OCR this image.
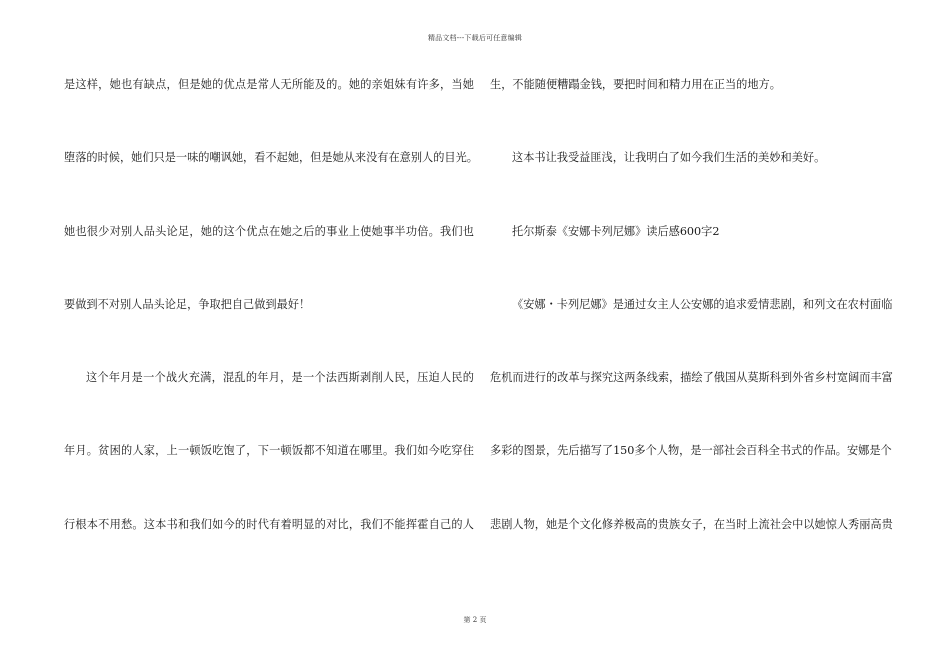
精品文档---下载后可任意编辑
是这样，她也有缺点，但是她的优点是常人无所能及的。她的亲姐妹有许多，当她
堕落的时候，她们只是一味的嘲讽她，看不起她，但是她从来没有在意别人的目光。
她也很少对别人品头论足，她的这个优点在她之后的事业上使她事半功倍。我们也
要做到不对别人品头论足，争取把自己做到最好！
这个年月是一个战火充满，混乱的年月，是一个法西斯剥削人民，压迫人民的
年月。贫困的人家，上一顿饭吃饱了，下一顿饭都不知道在哪里。我们如今吃穿住
行根本不用愁。这本书和我们如今的时代有着明显的对比，我们不能挥霍自己的人
生，不能随便糟蹋金钱，要把时间和精力用在正当的地方。
这本书让我受益匪浅，让我明白了如今我们生活的美妙和美好。
托尔斯泰《安娜卡列尼娜》读后感600字2
《安娜・卡列尼娜》是通过女主人公安娜的追求爱情悲剧，和列文在农村面临
危机而进行的改革与探究这两条线索，描绘了俄国从莫斯科到外省乡村宽阔而丰富
多彩的图景，先后描写了150多个人物，是一部社会百科全书式的作品。安娜是个
悲剧人物，她是个文化修养极高的贵族女子，在当时上流社会中以她惊人秀丽高贵
第 2 页
